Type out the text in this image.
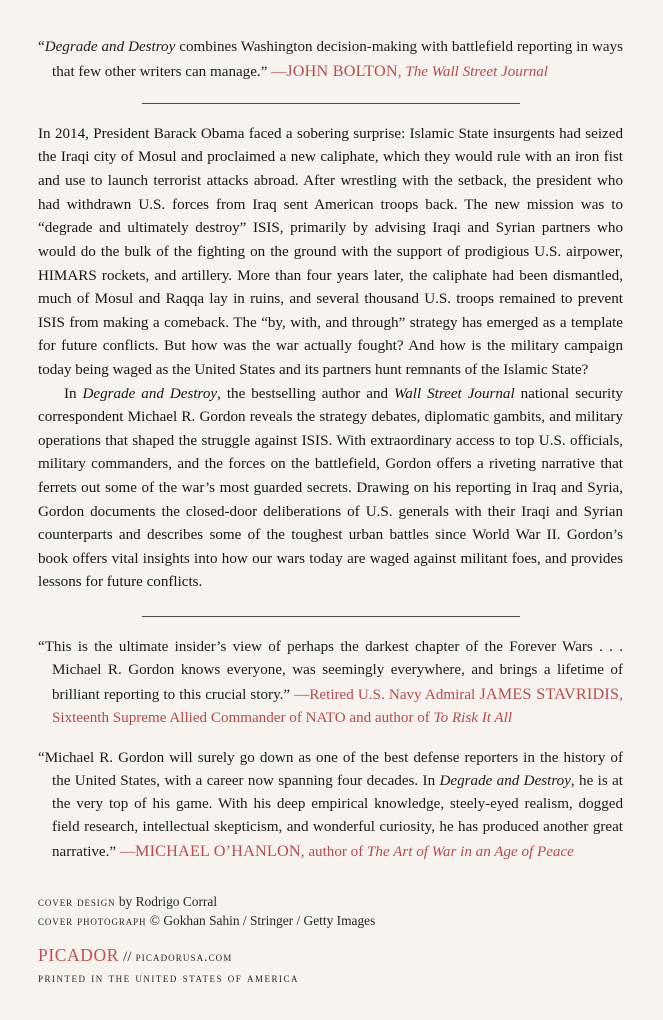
“Degrade and Destroy combines Washington decision-making with battlefield reporting in ways that few other writers can manage.” —JOHN BOLTON, The Wall Street Journal

In 2014, President Barack Obama faced a sobering surprise: Islamic State insurgents had seized the Iraqi city of Mosul and proclaimed a new caliphate, which they would rule with an iron fist and use to launch terrorist attacks abroad. After wrestling with the setback, the president who had withdrawn U.S. forces from Iraq sent American troops back. The new mission was to “degrade and ultimately destroy” ISIS, primarily by advising Iraqi and Syrian partners who would do the bulk of the fighting on the ground with the support of prodigious U.S. airpower, HIMARS rockets, and artillery. More than four years later, the caliphate had been dismantled, much of Mosul and Raqqa lay in ruins, and several thousand U.S. troops remained to prevent ISIS from making a comeback. The “by, with, and through” strategy has emerged as a template for future conflicts. But how was the war actually fought? And how is the military campaign today being waged as the United States and its partners hunt remnants of the Islamic State?

In Degrade and Destroy, the bestselling author and Wall Street Journal national security correspondent Michael R. Gordon reveals the strategy debates, diplomatic gambits, and military operations that shaped the struggle against ISIS. With extraordinary access to top U.S. officials, military commanders, and the forces on the battlefield, Gordon offers a riveting narrative that ferrets out some of the war’s most guarded secrets. Drawing on his reporting in Iraq and Syria, Gordon documents the closed-door deliberations of U.S. generals with their Iraqi and Syrian counterparts and describes some of the toughest urban battles since World War II. Gordon’s book offers vital insights into how our wars today are waged against militant foes, and provides lessons for future conflicts.

“This is the ultimate insider’s view of perhaps the darkest chapter of the Forever Wars . . . Michael R. Gordon knows everyone, was seemingly everywhere, and brings a lifetime of brilliant reporting to this crucial story.” —Retired U.S. Navy Admiral JAMES STAVRIDIS, Sixteenth Supreme Allied Commander of NATO and author of To Risk It All

“Michael R. Gordon will surely go down as one of the best defense reporters in the history of the United States, with a career now spanning four decades. In Degrade and Destroy, he is at the very top of his game. With his deep empirical knowledge, steely-eyed realism, dogged field research, intellectual skepticism, and wonderful curiosity, he has produced another great narrative.” —MICHAEL O’HANLON, author of The Art of War in an Age of Peace

cover design by Rodrigo Corral

cover photograph © Gokhan Sahin / Stringer / Getty Images

PICADOR // picadorusa.com

printed in the united states of america
